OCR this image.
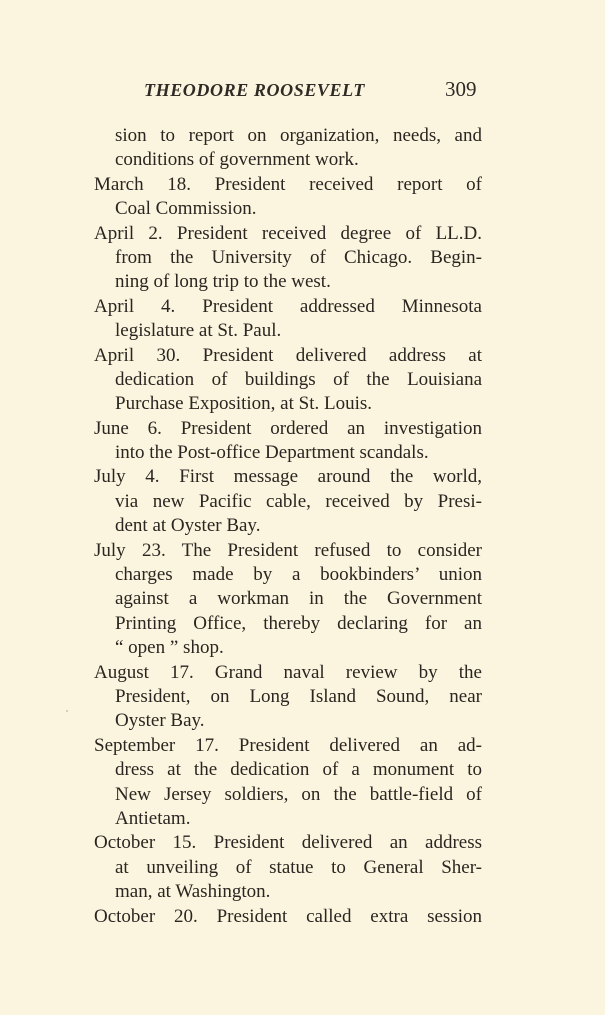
THEODORE ROOSEVELT	309
sion to report on organization, needs, and
conditions of government work.
March 18. President received report of
Coal Commission.
April 2. President received degree of LL.D.
from the University of Chicago. Begin-
ning of long trip to the west.
April 4. President addressed Minnesota
legislature at St. Paul.
April 30. President delivered address at
dedication of buildings of the Louisiana
Purchase Exposition, at St. Louis.
June 6. President ordered an investigation
into the Post-office Department scandals.
July 4. First message around the world,
via new Pacific cable, received by Presi-
dent at Oyster Bay.
July 23. The President refused to consider
charges made by a bookbinders’ union
against a workman in the Government
Printing Office, thereby declaring for an
“ open ” shop.
August 17. Grand naval review by the
President, on Long Island Sound, near
Oyster Bay.
September 17. President delivered an ad-
dress at the dedication of a monument to
New Jersey soldiers, on the battle-field of
Antietam.
October 15. President delivered an address
at unveiling of statue to General Sher-
man, at Washington.
October 20. President called extra session
